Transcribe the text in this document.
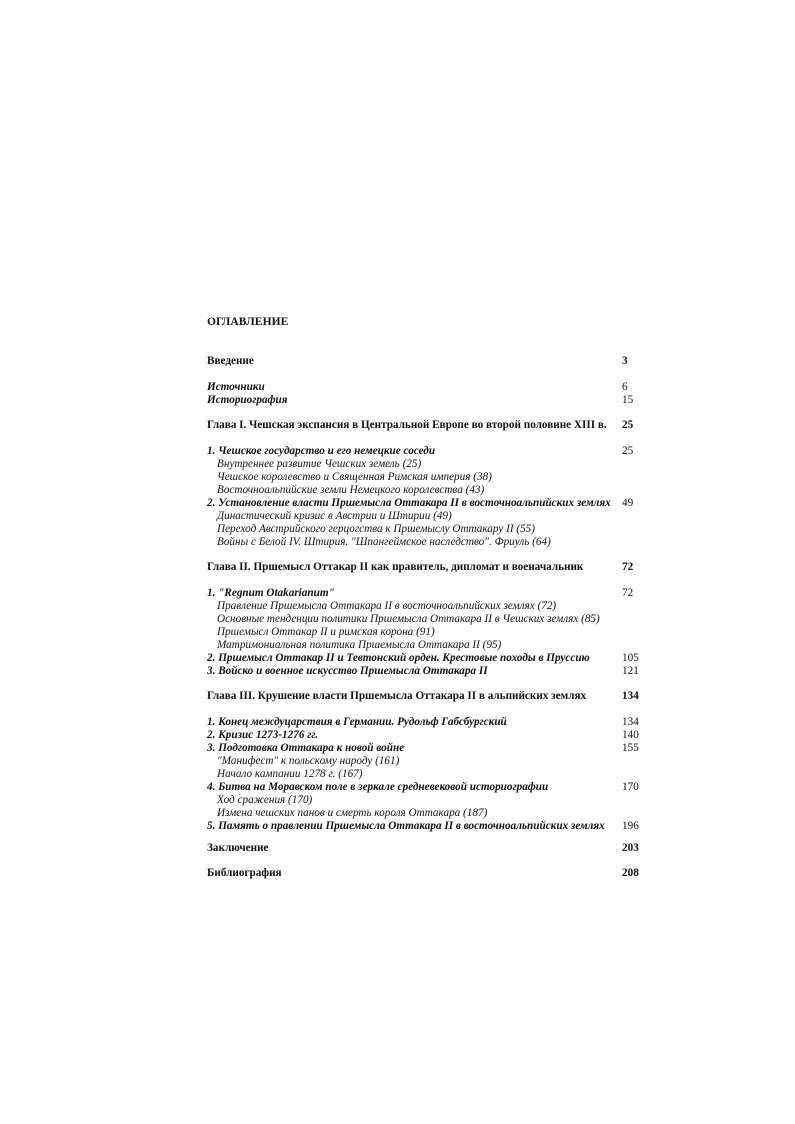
ОГЛАВЛЕНИЕ
Введение	3
Источники	6
Историография	15
Глава I. Чешская экспансия в Центральной Европе во второй половине XIII в. 25
1. Чешское государство и его немецкие соседи	25
Внутреннее развитие Чешских земель (25)
Чешское королевство и Священная Римская империя (38)
Восточноальпийские земли Немецкого королевства (43)
2. Установление власти Пршемысла Оттакара II в восточноальпийских землях 49
Династический кризис в Австрии и Штирии (49)
Переход Австрийского герцогства к Пршемыслу Оттакару II (55)
Войны с Белой IV. Штирия. "Шпангеймское наследство". Фриуль (64)
Глава II. Пршемысл Оттакар II как правитель, дипломат и военачальник	72
1. "Regnum Otakarianum"	72
Правление Пршемысла Оттакара II в восточноальпийских землях (72)
Основные тенденции политики Пршемысла Оттакара II в Чешских землях (85)
Пршемысл Оттакар II и римская корона (91)
Матримониальная политика Пршемысла Оттакара II (95)
2. Пршемысл Оттакар II и Тевтонский орден. Крестовые походы в Пруссию	105
3. Войско и военное искусство Пршемысла Оттакара II	121
Глава III. Крушение власти Пршемысла Оттакара II в альпийских землях	134
1. Конец междуцарствия в Германии. Рудольф Габсбургский	134
2. Кризис 1273-1276 гг.	140
3. Подготовка Оттакара к новой войне	155
"Манифест" к польскому народу (161)
Начало кампании 1278 г. (167)
4. Битва на Моравском поле в зеркале средневековой историографии	170
Ход сражения (170)
Измена чешских панов и смерть короля Оттакара (187)
5. Память о правлении Пршемысла Оттакара II в восточноальпийских землях 196
Заключение	203
Библиография	208
